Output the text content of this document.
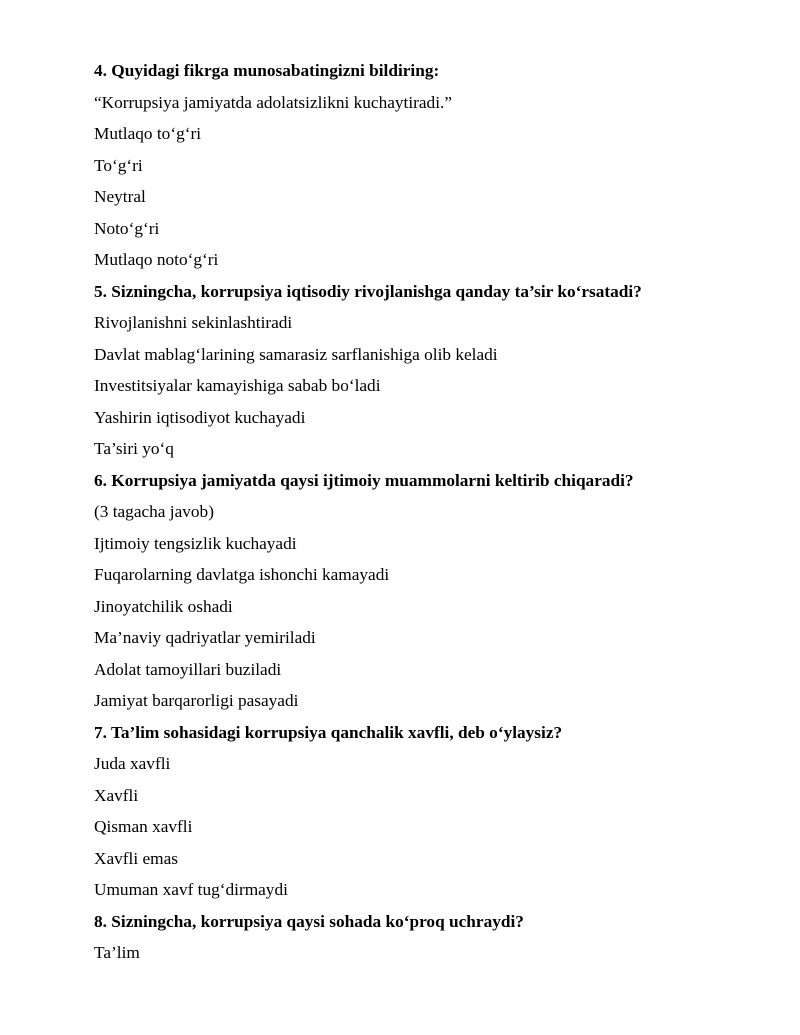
4. Quyidagi fikrga munosabatingizni bildiring:
“Korrupsiya jamiyatda adolatsizlikni kuchaytiradi.”
Mutlaqo to‘g‘ri
To‘g‘ri
Neytral
Noto‘g‘ri
Mutlaqo noto‘g‘ri
5. Sizningcha, korrupsiya iqtisodiy rivojlanishga qanday ta’sir ko‘rsatadi?
Rivojlanishni sekinlashtiradi
Davlat mablag‘larining samarasiz sarflanishiga olib keladi
Investitsiyalar kamayishiga sabab bo‘ladi
Yashirin iqtisodiyot kuchayadi
Ta’siri yo‘q
6. Korrupsiya jamiyatda qaysi ijtimoiy muammolarni keltirib chiqaradi?
(3 tagacha javob)
Ijtimoiy tengsizlik kuchayadi
Fuqarolarning davlatga ishonchi kamayadi
Jinoyatchilik oshadi
Ma’naviy qadriyatlar yemiriladi
Adolat tamoyillari buziladi
Jamiyat barqarorligi pasayadi
7. Ta’lim sohasidagi korrupsiya qanchalik xavfli, deb o‘ylaysiz?
Juda xavfli
Xavfli
Qisman xavfli
Xavfli emas
Umuman xavf tug‘dirmaydi
8. Sizningcha, korrupsiya qaysi sohada ko‘proq uchraydi?
Ta’lim
